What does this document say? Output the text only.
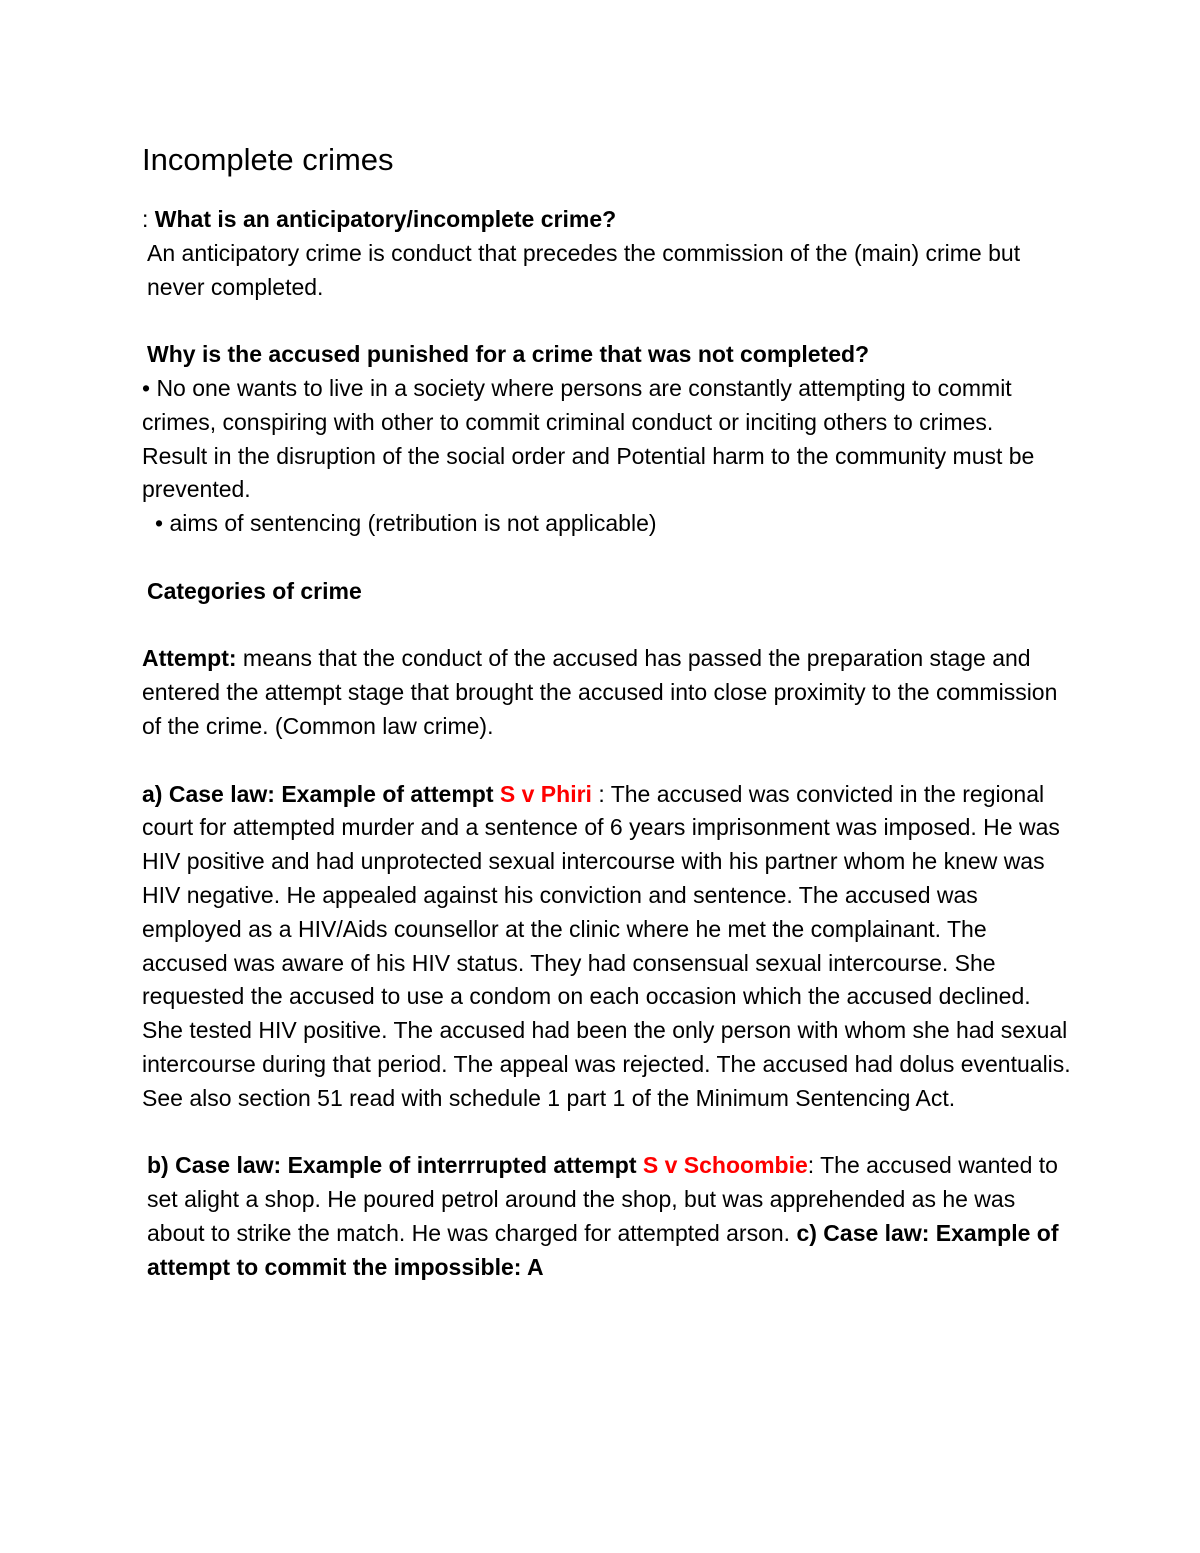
Incomplete crimes

: What is an anticipatory/incomplete crime?

An anticipatory crime is conduct that precedes the commission of the (main) crime but never completed.

Why is the accused punished for a crime that was not completed?

• No one wants to live in a society where persons are constantly attempting to commit crimes, conspiring with other to commit criminal conduct or inciting others to crimes.

Result in the disruption of the social order and Potential harm to the community must be prevented.

• aims of sentencing (retribution is not applicable)

Categories of crime

Attempt: means that the conduct of the accused has passed the preparation stage and entered the attempt stage that brought the accused into close proximity to the commission of the crime. (Common law crime).

a) Case law: Example of attempt S v Phiri : The accused was convicted in the regional court for attempted murder and a sentence of 6 years imprisonment was imposed. He was HIV positive and had unprotected sexual intercourse with his partner whom he knew was HIV negative. He appealed against his conviction and sentence. The accused was employed as a HIV/Aids counsellor at the clinic where he met the complainant. The accused was aware of his HIV status. They had consensual sexual intercourse. She requested the accused to use a condom on each occasion which the accused declined. She tested HIV positive. The accused had been the only person with whom she had sexual intercourse during that period. The appeal was rejected. The accused had dolus eventualis. See also section 51 read with schedule 1 part 1 of the Minimum Sentencing Act.

b) Case law: Example of interrrupted attempt S v Schoombie: The accused wanted to set alight a shop. He poured petrol around the shop, but was apprehended as he was about to strike the match. He was charged for attempted arson. c) Case law: Example of attempt to commit the impossible: A
